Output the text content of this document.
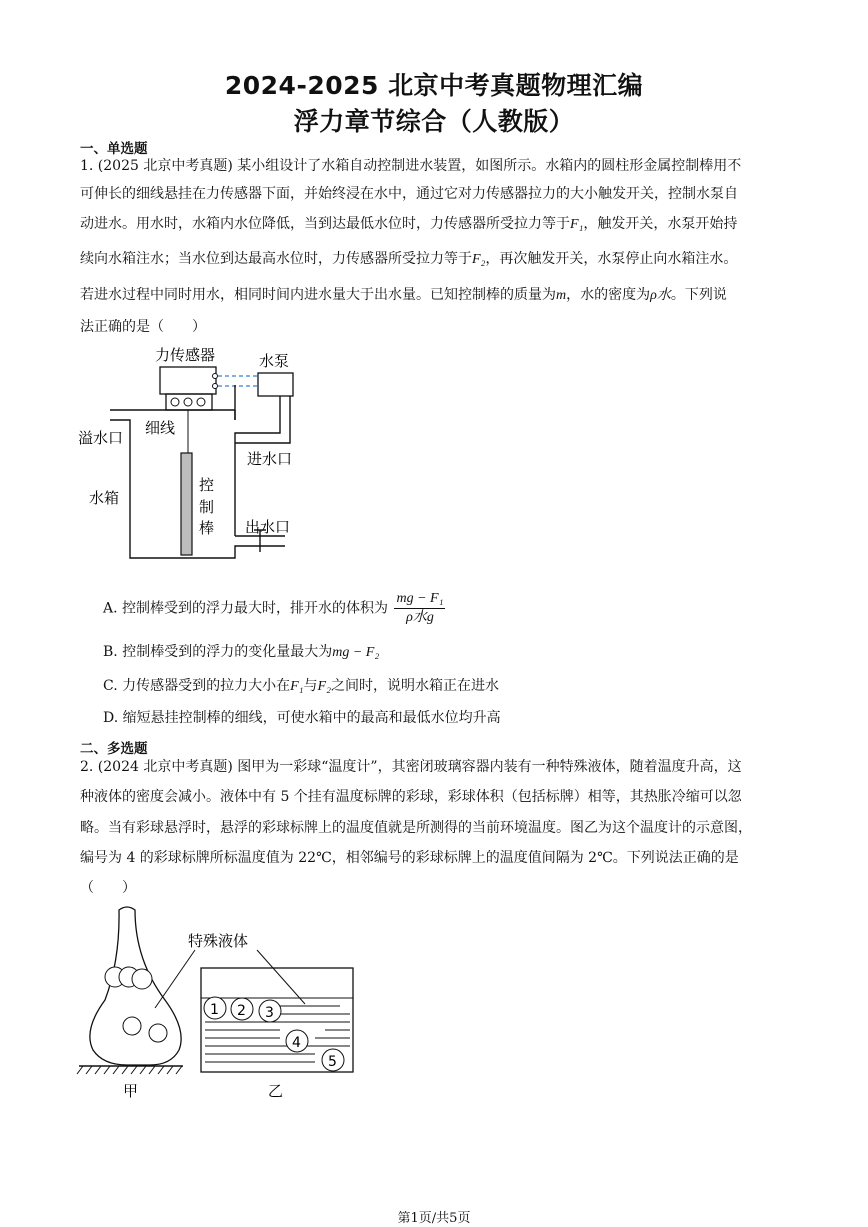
2024-2025 北京中考真题物理汇编
浮力章节综合（人教版）
一、单选题
1. (2025 北京中考真题) 某小组设计了水箱自动控制进水装置，如图所示。水箱内的圆柱形金属控制棒用不
可伸长的细线悬挂在力传感器下面，并始终浸在水中，通过它对力传感器拉力的大小触发开关，控制水泵自
动进水。用水时，水箱内水位降低，当到达最低水位时，力传感器所受拉力等于F₁，触发开关，水泵开始持
续向水箱注水；当水位到达最高水位时，力传感器所受拉力等于F₂，再次触发开关，水泵停止向水箱注水。
若进水过程中同时用水，相同时间内进水量大于出水量。已知控制棒的质量为m，水的密度为ρ水。下列说
法正确的是（　　）
力传感器	水泵
溢水口
细线
进水口
水箱
控
制
棒 出水口
A. 控制棒受到的浮力最大时，排开水的体积为 $\frac{\text{mg − F₁}}{\text{ρ水g}}$
B. 控制棒受到的浮力的变化量最大为mg − F₂
C. 力传感器受到的拉力大小在F₁与F₂之间时，说明水箱正在进水
D. 缩短悬挂控制棒的细线，可使水箱中的最高和最低水位均升高
二、多选题
2. (2024 北京中考真题) 图甲为一彩球“温度计”，其密闭玻璃容器内装有一种特殊液体，随着温度升高，这
种液体的密度会减小。液体中有 5 个挂有温度标牌的彩球，彩球体积（包括标牌）相等，其热胀冷缩可以忽
略。当有彩球悬浮时，悬浮的彩球标牌上的温度值就是所测得的当前环境温度。图乙为这个温度计的示意图，
编号为 4 的彩球标牌所标温度值为 22℃，相邻编号的彩球标牌上的温度值间隔为 2℃。下列说法正确的是
（　　）
特殊液体
甲
1 2 3
4
5
乙
第1页/共5页
